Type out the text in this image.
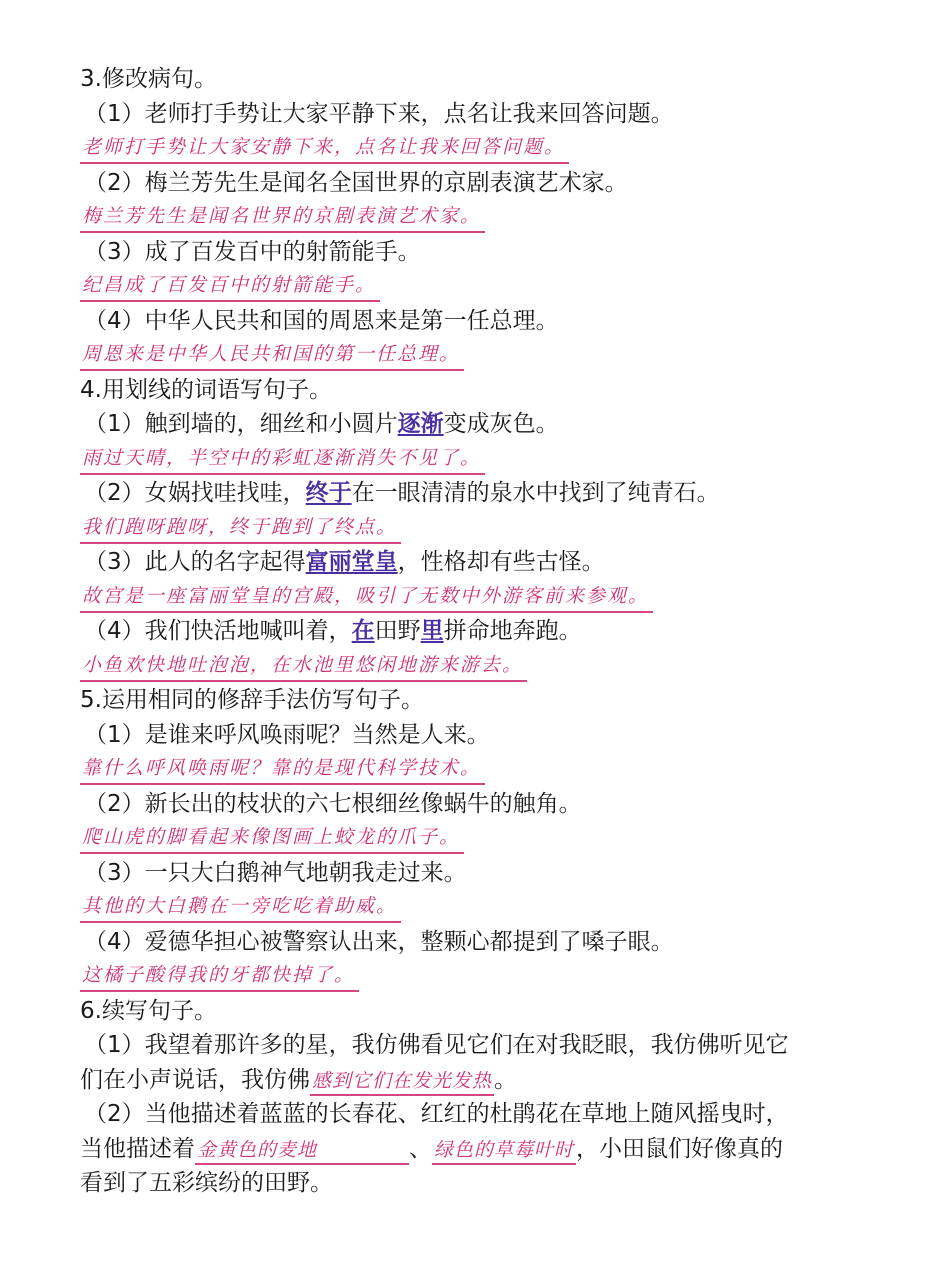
3.修改病句。
（1）老师打手势让大家平静下来，点名让我来回答问题。
老师打手势让大家安静下来，点名让我来回答问题。
（2）梅兰芳先生是闻名全国世界的京剧表演艺术家。
梅兰芳先生是闻名世界的京剧表演艺术家。
（3）成了百发百中的射箭能手。
纪昌成了百发百中的射箭能手。
（4）中华人民共和国的周恩来是第一任总理。
周恩来是中华人民共和国的第一任总理。
4.用划线的词语写句子。
（1）触到墙的，细丝和小圆片逐渐变成灰色。
雨过天晴，半空中的彩虹逐渐消失不见了。
（2）女娲找哇找哇，终于在一眼清清的泉水中找到了纯青石。
我们跑呀跑呀，终于跑到了终点。
（3）此人的名字起得富丽堂皇，性格却有些古怪。
故宫是一座富丽堂皇的宫殿，吸引了无数中外游客前来参观。
（4）我们快活地喊叫着，在田野里拼命地奔跑。
小鱼欢快地吐泡泡，在水池里悠闲地游来游去。
5.运用相同的修辞手法仿写句子。
（1）是谁来呼风唤雨呢？当然是人来。
靠什么呼风唤雨呢？靠的是现代科学技术。
（2）新长出的枝状的六七根细丝像蜗牛的触角。
爬山虎的脚看起来像图画上蛟龙的爪子。
（3）一只大白鹅神气地朝我走过来。
其他的大白鹅在一旁吃吃着助威。
（4）爱德华担心被警察认出来，整颗心都提到了嗓子眼。
这橘子酸得我的牙都快掉了。
6.续写句子。
（1）我望着那许多的星，我仿佛看见它们在对我眨眼，我仿佛听见它
们在小声说话，我仿佛 感到它们在发光发热。
（2）当他描述着蓝蓝的长春花、红红的杜鹃花在草地上随风摇曳时，
当他描述着 金黄色的麦地	、 绿色的草莓叶时，小田鼠们好像真的
看到了五彩缤纷的田野。
